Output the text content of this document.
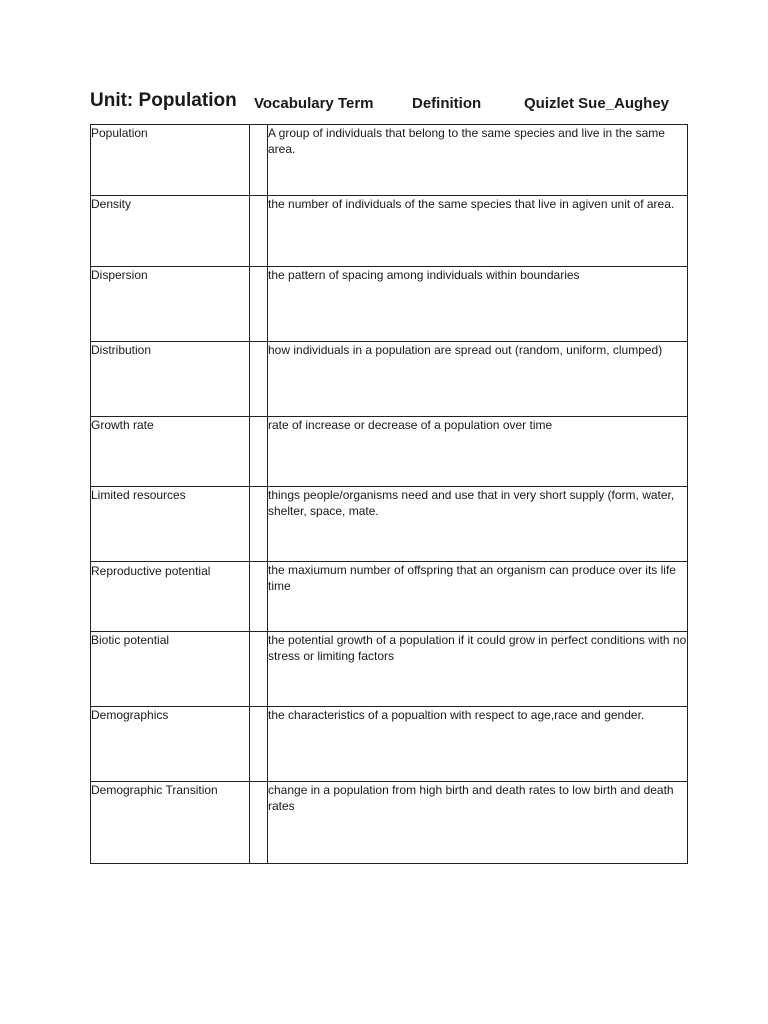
Unit: Population Vocabulary Term	Definition	Quizlet Sue_Aughey
Population		A group of individuals that belong to the same species and live in the same area.
Density		the number of individuals of the same species that live in agiven unit of area.
Dispersion		the pattern of spacing among individuals within boundaries
Distribution		how individuals in a population are spread out (random, uniform, clumped)
Growth rate		rate of increase or decrease of a population over time
Limited resources		things people/organisms need and use that in very short supply (form, water, shelter, space, mate.
Reproductive potential		the maxiumum number of offspring that an organism can produce over its life time
Biotic potential		the potential growth of a population if it could grow in perfect conditions with no stress or limiting factors
Demographics		the characteristics of a popualtion with respect to age,race and gender.
Demographic Transition		change in a population from high birth and death rates to low birth and death rates
